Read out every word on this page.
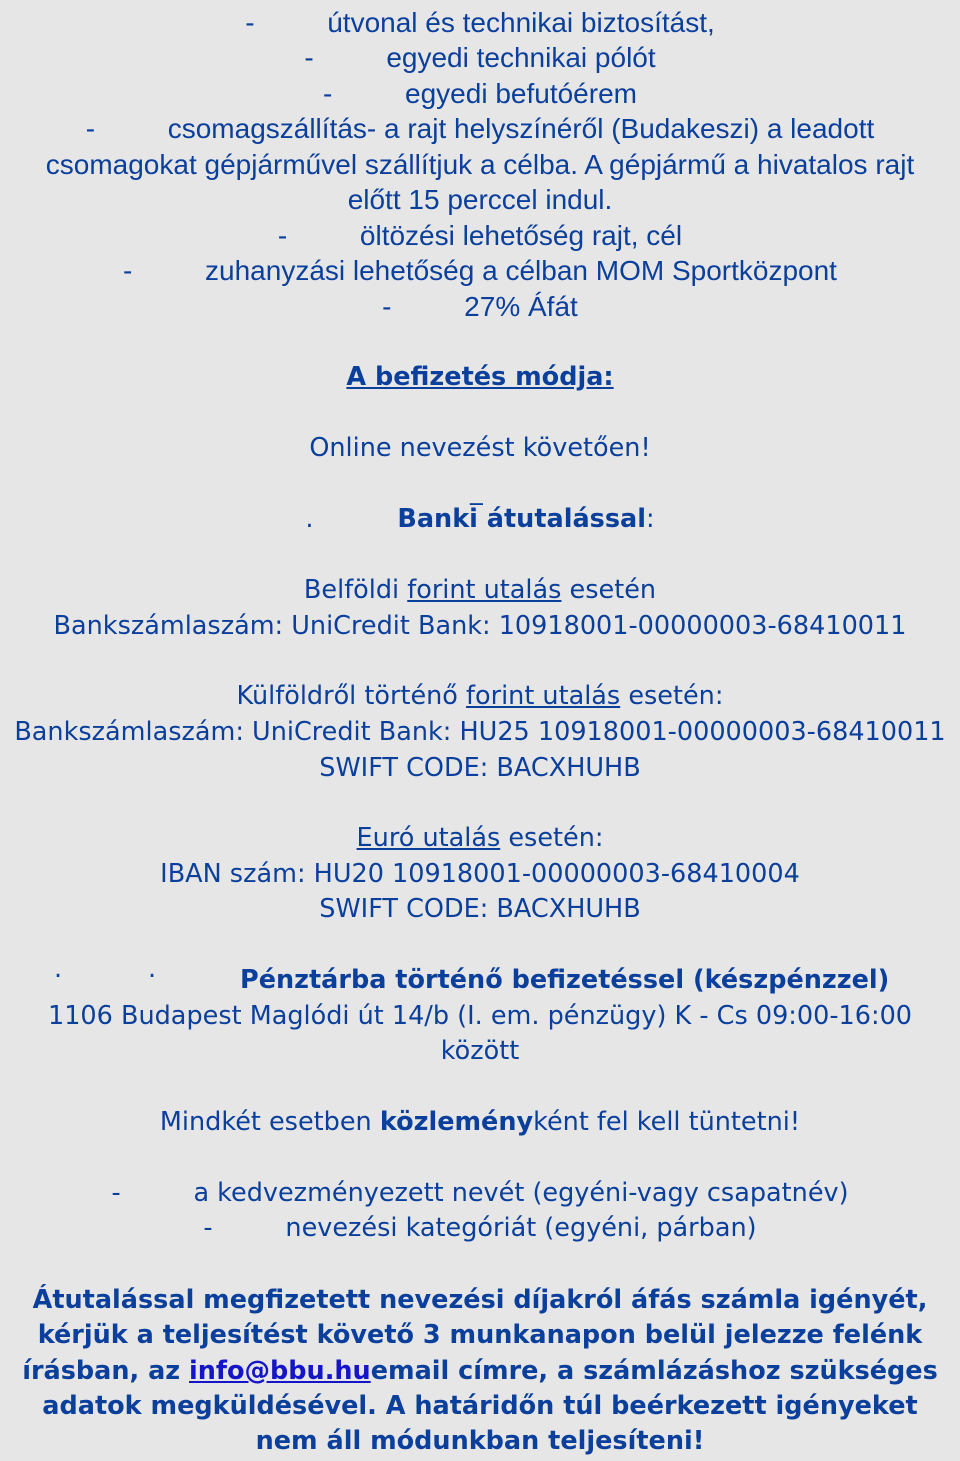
-	útvonal és technikai biztosítást,
-	egyedi technikai pólót
-	egyedi befutóérem
-	csomagszállítás- a rajt helyszínéről (Budakeszi) a leadott
csomagokat gépjárművel szállítjuk a célba. A gépjármű a hivatalos rajt
előtt 15 perccel indul.
-	öltözési lehetőség rajt, cél
-	zuhanyzási lehetőség a célban MOM Sportközpont
-	27% Áfát
A befizetés módja:
Online nevezést követően!
_
.	Banki átutalással:
Belföldi forint utalás esetén
Bankszámlaszám: UniCredit Bank: 10918001-00000003-68410011
Külföldről történő forint utalás esetén:
Bankszámlaszám: UniCredit Bank: HU25 10918001-00000003-68410011
SWIFT CODE: BACXHUHB
Euró utalás esetén:
IBAN szám: HU20 10918001-00000003-68410004
SWIFT CODE: BACXHUHB
.	.	Pénztárba történő befizetéssel (készpénzzel)
1106 Budapest Maglódi út 14/b (I. em. pénzügy) K - Cs 09:00-16:00
között
Mindkét esetben közleményként fel kell tüntetni!
-	a kedvezményezett nevét (egyéni-vagy csapatnév)
-	nevezési kategóriát (egyéni, párban)
Átutalással megfizetett nevezési díjakról áfás számla igényét,
kérjük a teljesítést követő 3 munkanapon belül jelezze felénk
írásban, az info@bbu.huemail címre, a számlázáshoz szükséges
adatok megküldésével. A határidőn túl beérkezett igényeket
nem áll módunkban teljesíteni!
